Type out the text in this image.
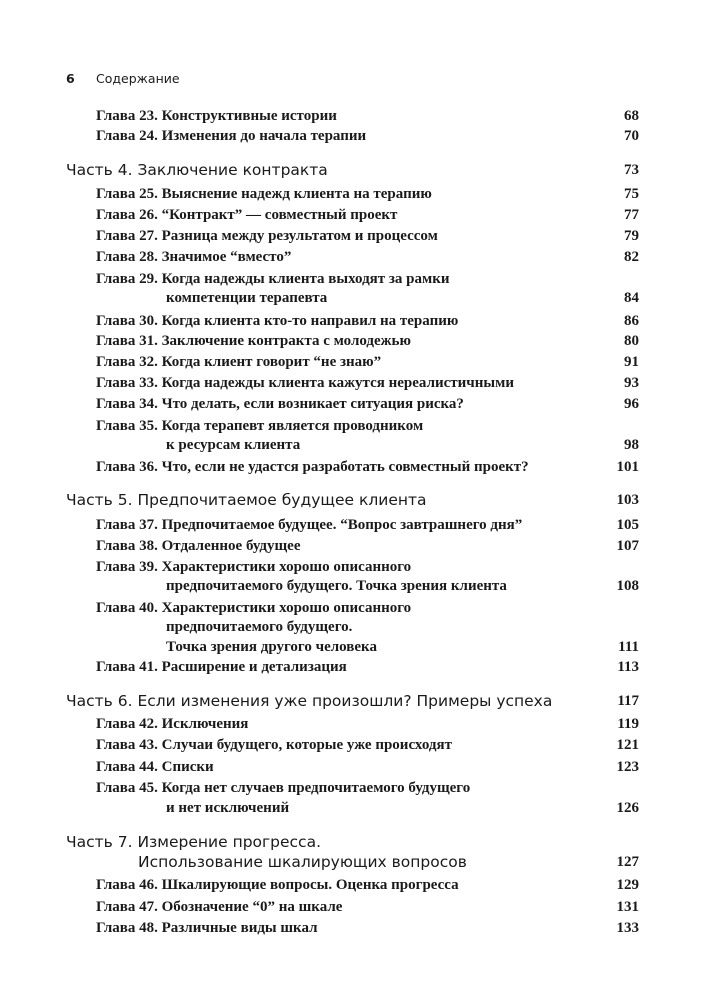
6	Содержание
Глава 23. Конструктивные истории	68
Глава 24. Изменения до начала терапии	70
Часть 4. Заключение контракта	73
Глава 25. Выяснение надежд клиента на терапию	75
Глава 26. “Контракт” — совместный проект	77
Глава 27. Разница между результатом и процессом	79
Глава 28. Значимое “вместо”	82
Глава 29. Когда надежды клиента выходят за рамки
компетенции терапевта	84
Глава 30. Когда клиента кто-то направил на терапию	86
Глава 31. Заключение контракта с молодежью	80
Глава 32. Когда клиент говорит “не знаю”	91
Глава 33. Когда надежды клиента кажутся нереалистичными	93
Глава 34. Что делать, если возникает ситуация риска?	96
Глава 35. Когда терапевт является проводником
к ресурсам клиента	98
Глава 36. Что, если не удастся разработать совместный проект?	101
Часть 5. Предпочитаемое будущее клиента	103
Глава 37. Предпочитаемое будущее. “Вопрос завтрашнего дня”	105
Глава 38. Отдаленное будущее	107
Глава 39. Характеристики хорошо описанного
предпочитаемого будущего. Точка зрения клиента	108
Глава 40. Характеристики хорошо описанного
предпочитаемого будущего.
Точка зрения другого человека	111
Глава 41. Расширение и детализация	113
Часть 6. Если изменения уже произошли? Примеры успеха	117
Глава 42. Исключения	119
Глава 43. Случаи будущего, которые уже происходят	121
Глава 44. Списки	123
Глава 45. Когда нет случаев предпочитаемого будущего
и нет исключений	126
Часть 7. Измерение прогресса.
Использование шкалирующих вопросов	127
Глава 46. Шкалирующие вопросы. Оценка прогресса	129
Глава 47. Обозначение “0” на шкале	131
Глава 48. Различные виды шкал	133
